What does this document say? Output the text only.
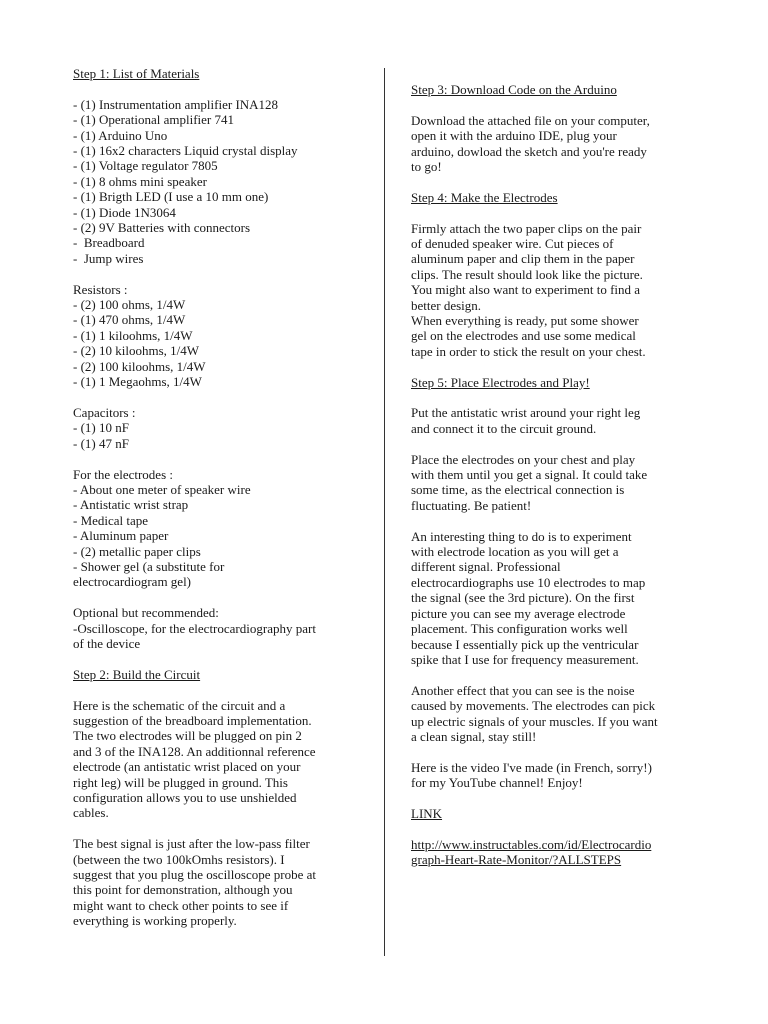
Step 1: List of Materials
- (1) Instrumentation amplifier INA128
- (1) Operational amplifier 741
- (1) Arduino Uno
- (1) 16x2 characters Liquid crystal display
- (1) Voltage regulator 7805
- (1) 8 ohms mini speaker
- (1) Brigth LED (I use a 10 mm one)
- (1) Diode 1N3064
- (2) 9V Batteries with connectors
-  Breadboard
-  Jump wires
Resistors :
- (2) 100 ohms, 1/4W
- (1) 470 ohms, 1/4W
- (1) 1 kiloohms, 1/4W
- (2) 10 kiloohms, 1/4W
- (2) 100 kiloohms, 1/4W
- (1) 1 Megaohms, 1/4W
Capacitors :
- (1) 10 nF
- (1) 47 nF
For the electrodes :
- About one meter of speaker wire
- Antistatic wrist strap
- Medical tape
- Aluminum paper
- (2) metallic paper clips
- Shower gel (a substitute for
electrocardiogram gel)
Optional but recommended:
-Oscilloscope, for the electrocardiography part
of the device
Step 2: Build the Circuit
Here is the schematic of the circuit and a
suggestion of the breadboard implementation.
The two electrodes will be plugged on pin 2
and 3 of the INA128. An additionnal reference
electrode (an antistatic wrist placed on your
right leg) will be plugged in ground. This
configuration allows you to use unshielded
cables.
The best signal is just after the low-pass filter
(between the two 100kOmhs resistors). I
suggest that you plug the oscilloscope probe at
this point for demonstration, although you
might want to check other points to see if
everything is working properly.
Step 3: Download Code on the Arduino
Download the attached file on your computer,
open it with the arduino IDE, plug your
arduino, dowload the sketch and you're ready
to go!
Step 4: Make the Electrodes
Firmly attach the two paper clips on the pair
of denuded speaker wire. Cut pieces of
aluminum paper and clip them in the paper
clips. The result should look like the picture.
You might also want to experiment to find a
better design.
When everything is ready, put some shower
gel on the electrodes and use some medical
tape in order to stick the result on your chest.
Step 5: Place Electrodes and Play!
Put the antistatic wrist around your right leg
and connect it to the circuit ground.
Place the electrodes on your chest and play
with them until you get a signal. It could take
some time, as the electrical connection is
fluctuating. Be patient!
An interesting thing to do is to experiment
with electrode location as you will get a
different signal. Professional
electrocardiographs use 10 electrodes to map
the signal (see the 3rd picture). On the first
picture you can see my average electrode
placement. This configuration works well
because I essentially pick up the ventricular
spike that I use for frequency measurement.
Another effect that you can see is the noise
caused by movements. The electrodes can pick
up electric signals of your muscles. If you want
a clean signal, stay still!
Here is the video I've made (in French, sorry!)
for my YouTube channel! Enjoy!
LINK
http://www.instructables.com/id/Electrocardio
graph-Heart-Rate-Monitor/?ALLSTEPS
